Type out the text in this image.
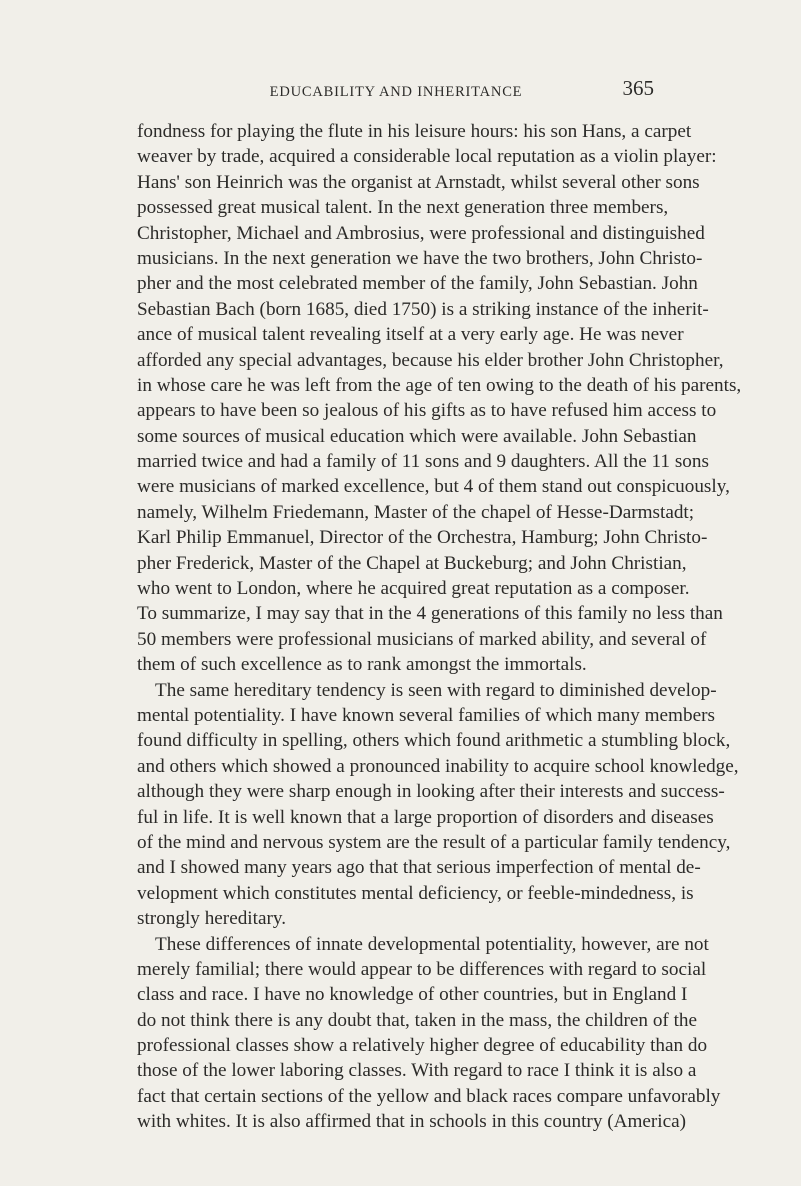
EDUCABILITY AND INHERITANCE	365
fondness for playing the flute in his leisure hours: his son Hans, a carpet
weaver by trade, acquired a considerable local reputation as a violin player:
Hans' son Heinrich was the organist at Arnstadt, whilst several other sons
possessed great musical talent. In the next generation three members,
Christopher, Michael and Ambrosius, were professional and distinguished
musicians. In the next generation we have the two brothers, John Christo-
pher and the most celebrated member of the family, John Sebastian. John
Sebastian Bach (born 1685, died 1750) is a striking instance of the inherit-
ance of musical talent revealing itself at a very early age. He was never
afforded any special advantages, because his elder brother John Christopher,
in whose care he was left from the age of ten owing to the death of his parents,
appears to have been so jealous of his gifts as to have refused him access to
some sources of musical education which were available. John Sebastian
married twice and had a family of 11 sons and 9 daughters. All the 11 sons
were musicians of marked excellence, but 4 of them stand out conspicuously,
namely, Wilhelm Friedemann, Master of the chapel of Hesse-Darmstadt;
Karl Philip Emmanuel, Director of the Orchestra, Hamburg; John Christo-
pher Frederick, Master of the Chapel at Buckeburg; and John Christian,
who went to London, where he acquired great reputation as a composer.
To summarize, I may say that in the 4 generations of this family no less than
50 members were professional musicians of marked ability, and several of
them of such excellence as to rank amongst the immortals.
The same hereditary tendency is seen with regard to diminished develop-
mental potentiality. I have known several families of which many members
found difficulty in spelling, others which found arithmetic a stumbling block,
and others which showed a pronounced inability to acquire school knowledge,
although they were sharp enough in looking after their interests and success-
ful in life. It is well known that a large proportion of disorders and diseases
of the mind and nervous system are the result of a particular family tendency,
and I showed many years ago that that serious imperfection of mental de-
velopment which constitutes mental deficiency, or feeble-mindedness, is
strongly hereditary.
These differences of innate developmental potentiality, however, are not
merely familial; there would appear to be differences with regard to social
class and race. I have no knowledge of other countries, but in England I
do not think there is any doubt that, taken in the mass, the children of the
professional classes show a relatively higher degree of educability than do
those of the lower laboring classes. With regard to race I think it is also a
fact that certain sections of the yellow and black races compare unfavorably
with whites. It is also affirmed that in schools in this country (America)
